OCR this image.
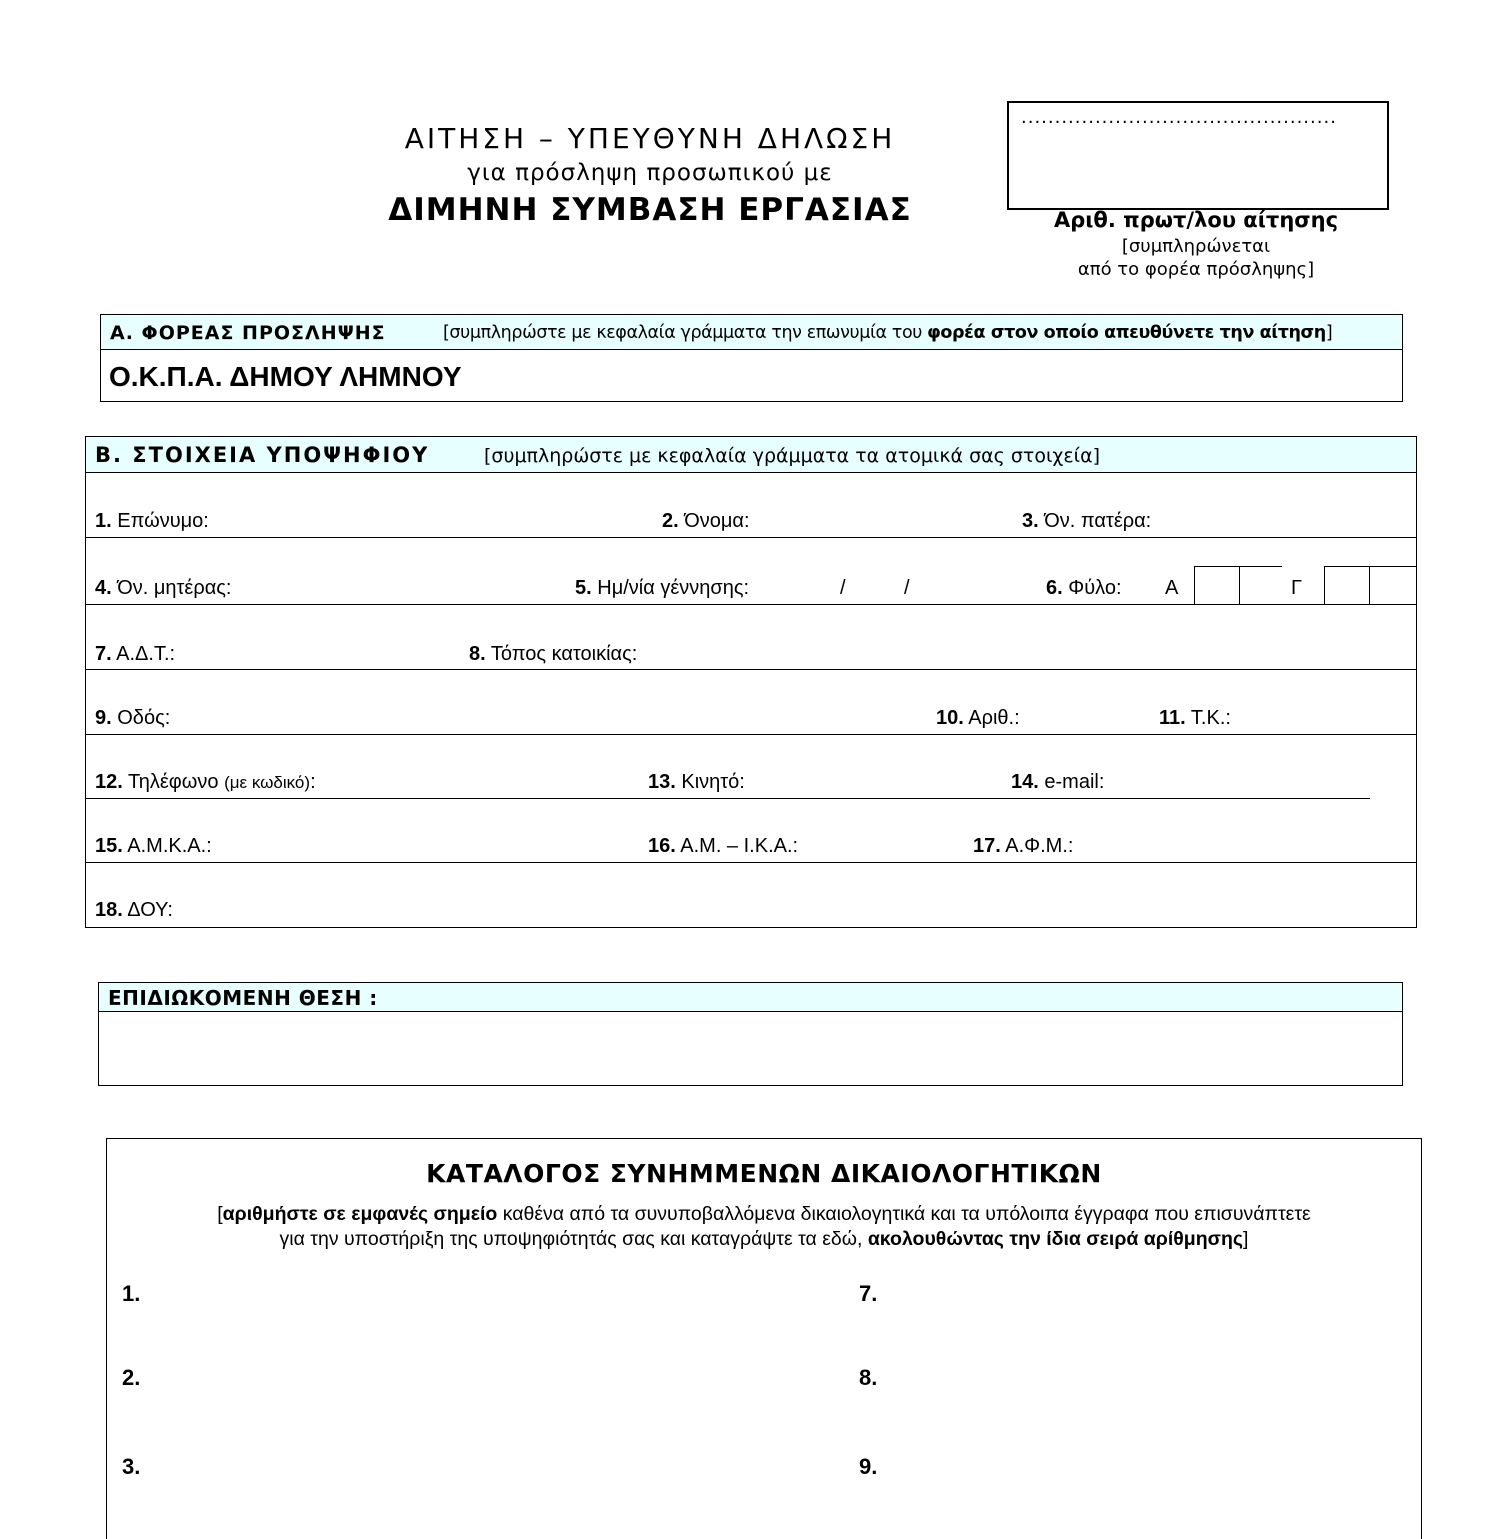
ΑΙΤΗΣΗ – ΥΠΕΥΘΥΝΗ ΔΗΛΩΣΗ
για πρόσληψη προσωπικού με
ΔΙΜΗΝΗ ΣΥΜΒΑΣΗ ΕΡΓΑΣΙΑΣ
...............................................
Αριθ. πρωτ/λου αίτησης
[συμπληρώνεται
από το φορέα πρόσληψης]
Α. ΦΟΡΕΑΣ ΠΡΟΣΛΗΨΗΣ	[συμπληρώστε με κεφαλαία γράμματα την επωνυμία του φορέα στον οποίο απευθύνετε την αίτηση]
Ο.Κ.Π.Α. ΔΗΜΟΥ ΛΗΜΝΟΥ
Β. ΣΤΟΙΧΕΙΑ ΥΠΟΨΗΦΙΟΥ	[συμπληρώστε με κεφαλαία γράμματα τα ατομικά σας στοιχεία]
1. Επώνυμο:	2. Όνομα:	3. Όν. πατέρα:
4. Όν. μητέρας:	5. Ημ/νία γέννησης:	/	/	6. Φύλο: Α	Γ
7. Α.Δ.Τ.:	8. Τόπος κατοικίας:
9. Οδός:	10. Αριθ.:	11. Τ.Κ.:
12. Τηλέφωνο (με κωδικό):	13. Κινητό:	14. e-mail:
15. Α.Μ.Κ.Α.:	16. Α.Μ. – Ι.Κ.Α.:	17. Α.Φ.Μ.:
18. ΔΟΥ:
ΕΠΙΔΙΩΚΟΜΕΝΗ ΘΕΣΗ :
ΚΑΤΑΛΟΓΟΣ ΣΥΝΗΜΜΕΝΩΝ ΔΙΚΑΙΟΛΟΓΗΤΙΚΩΝ
[αριθμήστε σε εμφανές σημείο καθένα από τα συνυποβαλλόμενα δικαιολογητικά και τα υπόλοιπα έγγραφα που επισυνάπτετε
για την υποστήριξη της υποψηφιότητάς σας και καταγράψτε τα εδώ, ακολουθώντας την ίδια σειρά αρίθμησης]
1.
2.
3.
7.
8.
9.
